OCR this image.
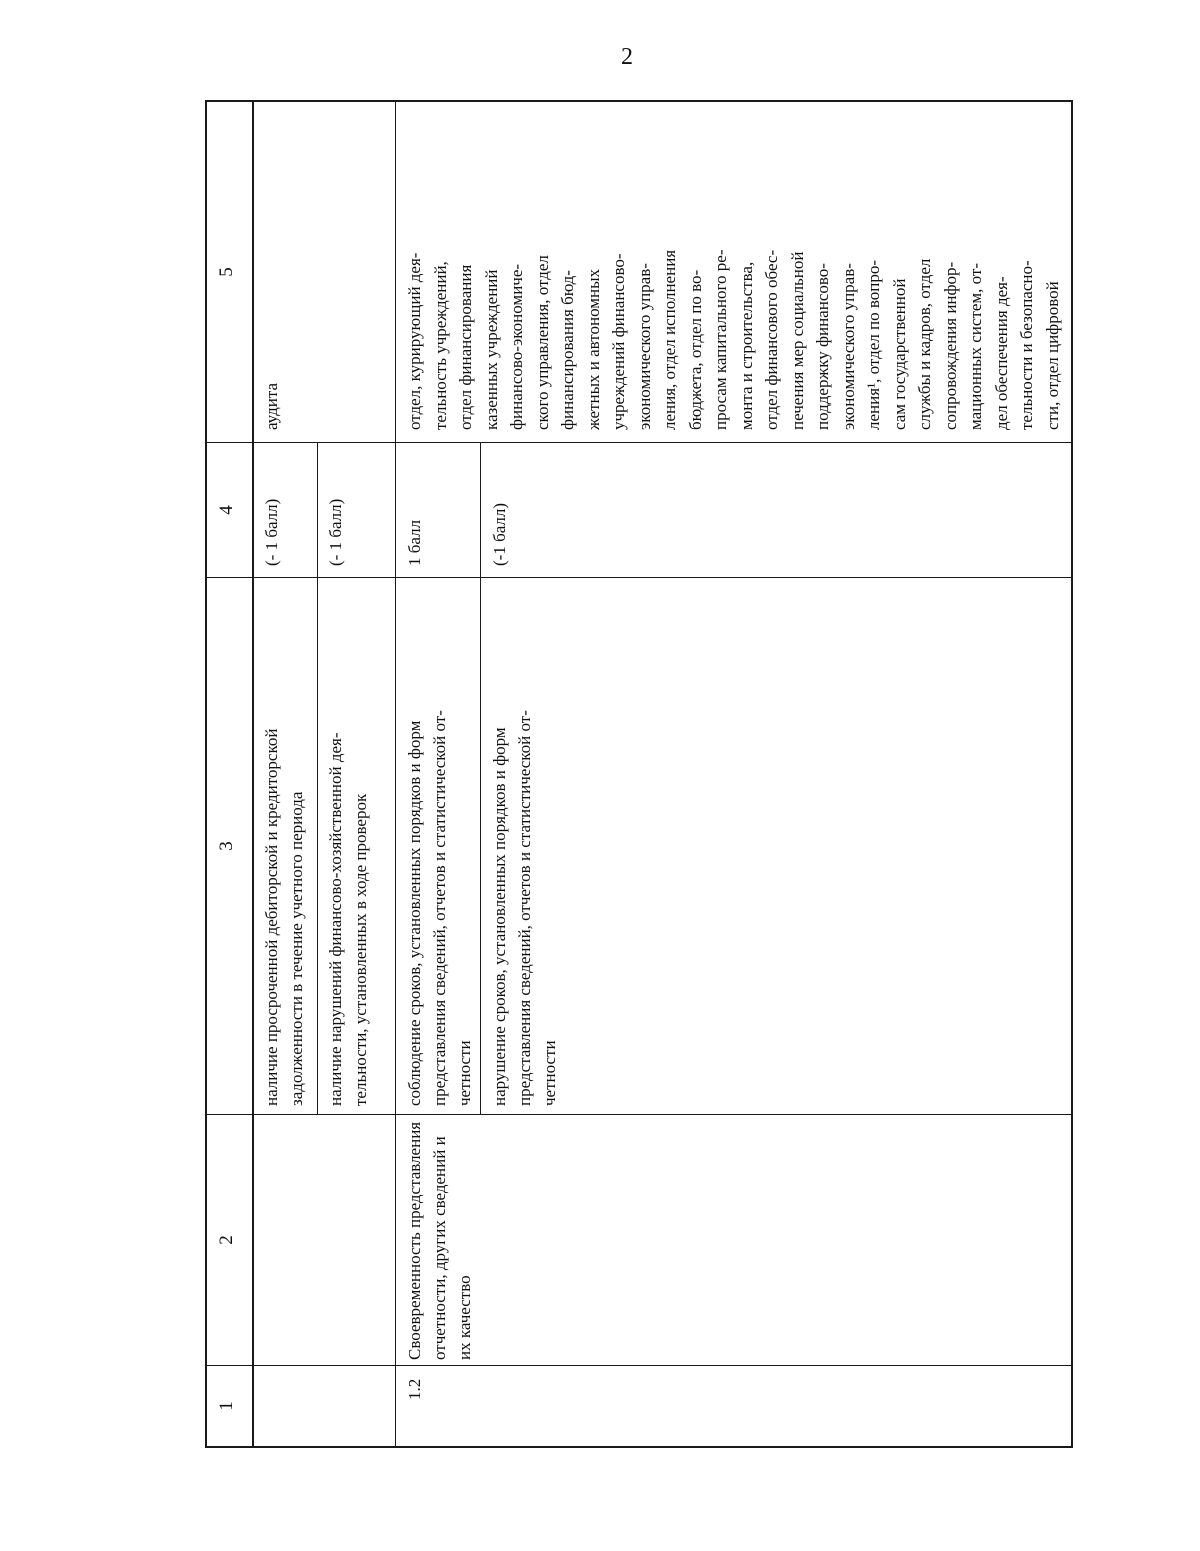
2
1
2
3
4
5
наличие просроченной дебиторской и кредиторской
задолженности в течение учетного периода
(- 1 балл)
наличие нарушений финансово-хозяйственной дея-
тельности, установленных в ходе проверок
(- 1 балл)
аудита
1.2
Своевременность представления
отчетности, других сведений и
их качество
соблюдение сроков, установленных порядков и форм
представления сведений, отчетов и статистической от-
четности
1 балл
нарушение сроков, установленных порядков и форм
представления сведений, отчетов и статистической от-
четности
(-1 балл)
отдел, курирующий дея-
тельность учреждений,
отдел финансирования
казенных учреждений
финансово-экономиче-
ского управления, отдел
финансирования бюд-
жетных и автономных
учреждений финансово-
экономического управ-
ления, отдел исполнения
бюджета, отдел по во-
просам капитального ре-
монта и строительства,
отдел финансового обес-
печения мер социальной
поддержку финансово-
экономического управ-
ления¹, отдел по вопро-
сам государственной
службы и кадров, отдел
сопровождения инфор-
мационных систем, от-
дел обеспечения дея-
тельности и безопасно-
сти, отдел цифровой
